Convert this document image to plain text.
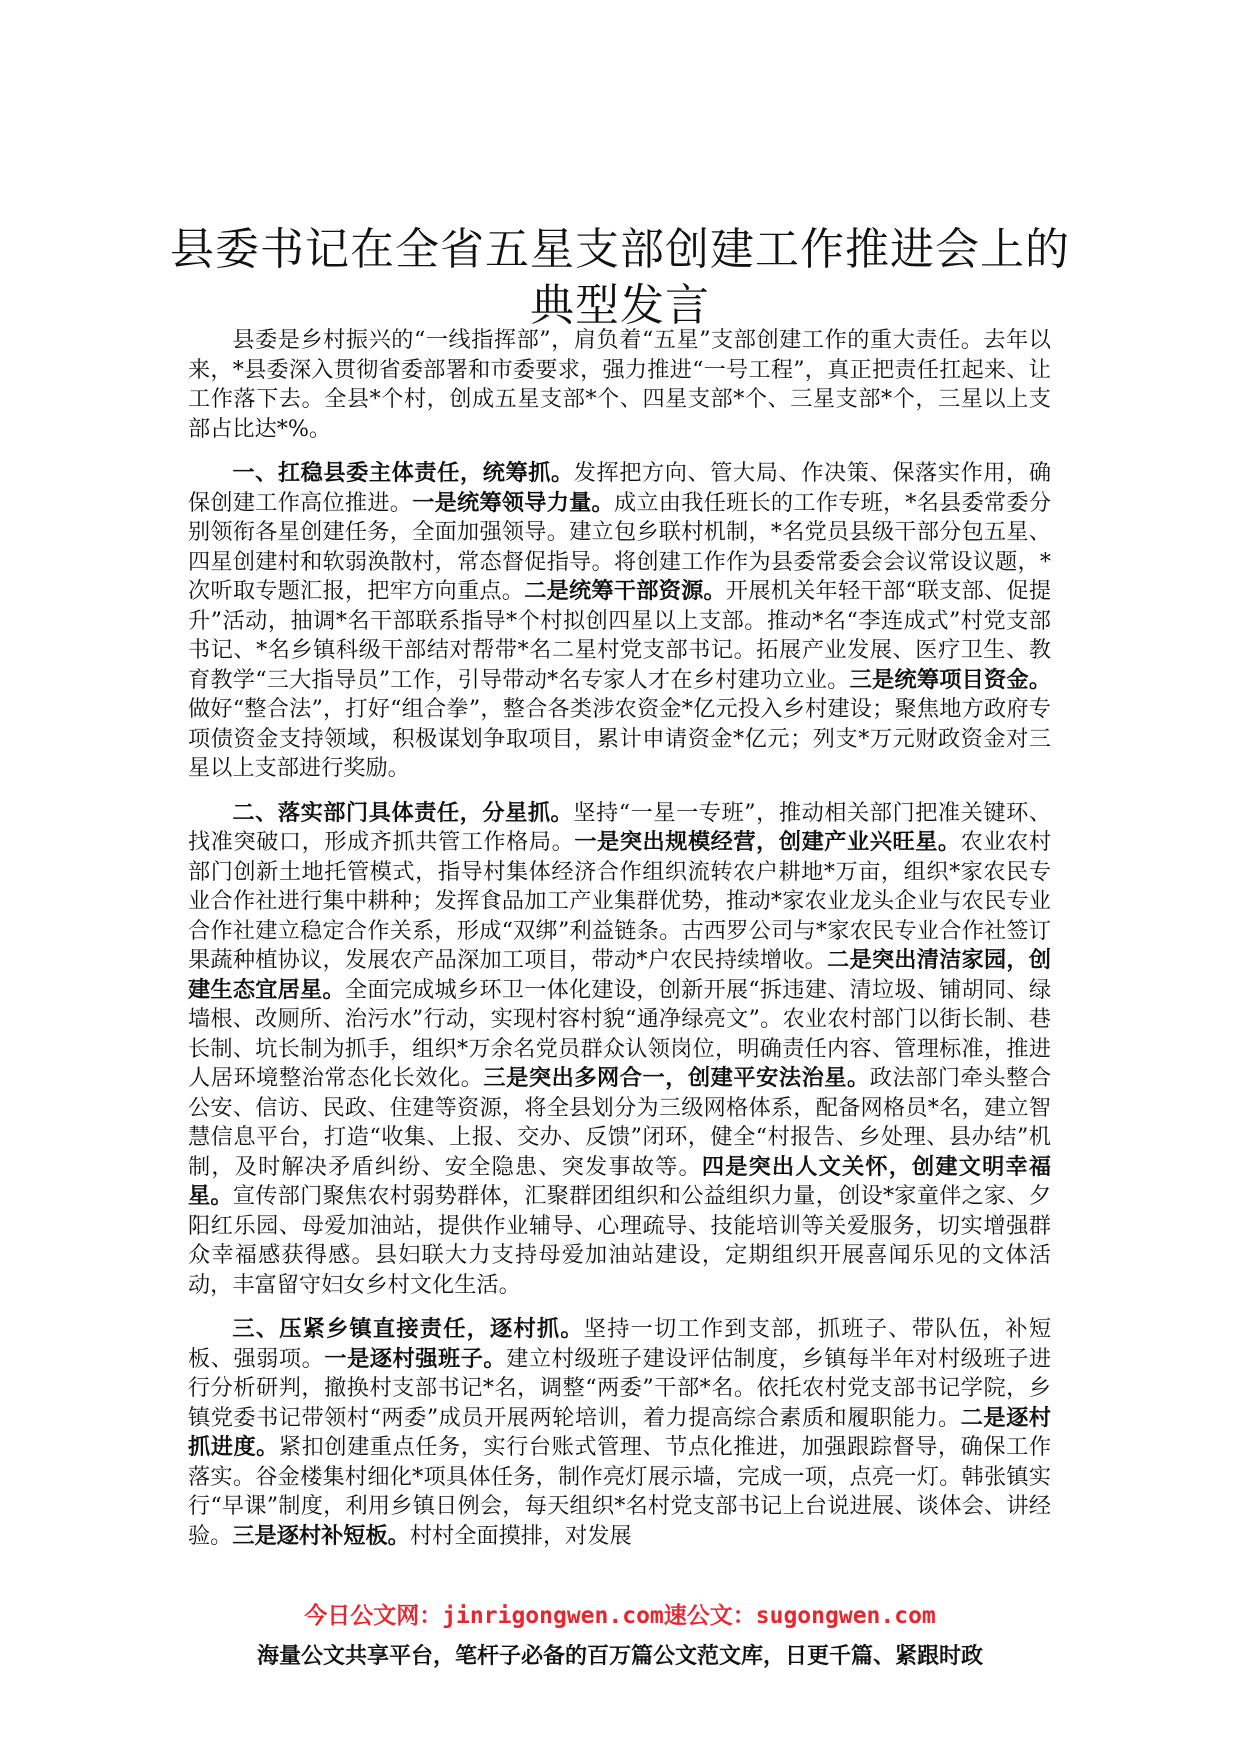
县委书记在全省五星支部创建工作推进会上的
典型发言

县委是乡村振兴的“一线指挥部”，肩负着“五星”支部创建工作的重大责任。去年以来，*县委深入贯彻省委部署和市委要求，强力推进“一号工程”，真正把责任扛起来、让工作落下去。全县*个村，创成五星支部*个、四星支部*个、三星支部*个，三星以上支部占比达*%。

一、扛稳县委主体责任，统筹抓。发挥把方向、管大局、作决策、保落实作用，确保创建工作高位推进。一是统筹领导力量。成立由我任班长的工作专班，*名县委常委分别领衔各星创建任务，全面加强领导。建立包乡联村机制，*名党员县级干部分包五星、四星创建村和软弱涣散村，常态督促指导。将创建工作作为县委常委会会议常设议题，*次听取专题汇报，把牢方向重点。二是统筹干部资源。开展机关年轻干部“联支部、促提升”活动，抽调*名干部联系指导*个村拟创四星以上支部。推动*名“李连成式”村党支部书记、*名乡镇科级干部结对帮带*名二星村党支部书记。拓展产业发展、医疗卫生、教育教学“三大指导员”工作，引导带动*名专家人才在乡村建功立业。三是统筹项目资金。做好“整合法”，打好“组合拳”，整合各类涉农资金*亿元投入乡村建设；聚焦地方政府专项债资金支持领域，积极谋划争取项目，累计申请资金*亿元；列支*万元财政资金对三星以上支部进行奖励。

二、落实部门具体责任，分星抓。坚持“一星一专班”，推动相关部门把准关键环、找准突破口，形成齐抓共管工作格局。一是突出规模经营，创建产业兴旺星。农业农村部门创新土地托管模式，指导村集体经济合作组织流转农户耕地*万亩，组织*家农民专业合作社进行集中耕种；发挥食品加工产业集群优势，推动*家农业龙头企业与农民专业合作社建立稳定合作关系，形成“双绑”利益链条。古西罗公司与*家农民专业合作社签订果蔬种植协议，发展农产品深加工项目，带动*户农民持续增收。二是突出清洁家园，创建生态宜居星。全面完成城乡环卫一体化建设，创新开展“拆违建、清垃圾、铺胡同、绿墙根、改厕所、治污水”行动，实现村容村貌“通净绿亮文”。农业农村部门以街长制、巷长制、坑长制为抓手，组织*万余名党员群众认领岗位，明确责任内容、管理标准，推进人居环境整治常态化长效化。三是突出多网合一，创建平安法治星。政法部门牵头整合公安、信访、民政、住建等资源，将全县划分为三级网格体系，配备网格员*名，建立智慧信息平台，打造“收集、上报、交办、反馈”闭环，健全“村报告、乡处理、县办结”机制，及时解决矛盾纠纷、安全隐患、突发事故等。四是突出人文关怀，创建文明幸福星。宣传部门聚焦农村弱势群体，汇聚群团组织和公益组织力量，创设*家童伴之家、夕阳红乐园、母爱加油站，提供作业辅导、心理疏导、技能培训等关爱服务，切实增强群众幸福感获得感。县妇联大力支持母爱加油站建设，定期组织开展喜闻乐见的文体活动，丰富留守妇女乡村文化生活。

三、压紧乡镇直接责任，逐村抓。坚持一切工作到支部，抓班子、带队伍，补短板、强弱项。一是逐村强班子。建立村级班子建设评估制度，乡镇每半年对村级班子进行分析研判，撤换村支部书记*名，调整“两委”干部*名。依托农村党支部书记学院，乡镇党委书记带领村“两委”成员开展两轮培训，着力提高综合素质和履职能力。二是逐村抓进度。紧扣创建重点任务，实行台账式管理、节点化推进，加强跟踪督导，确保工作落实。谷金楼集村细化*项具体任务，制作亮灯展示墙，完成一项，点亮一灯。韩张镇实行“早课”制度，利用乡镇日例会，每天组织*名村党支部书记上台说进展、谈体会、讲经验。三是逐村补短板。村村全面摸排，对发展

今日公文网：jinrigongwen.com速公文：sugongwen.com
海量公文共享平台，笔杆子必备的百万篇公文范文库，日更千篇、紧跟时政
